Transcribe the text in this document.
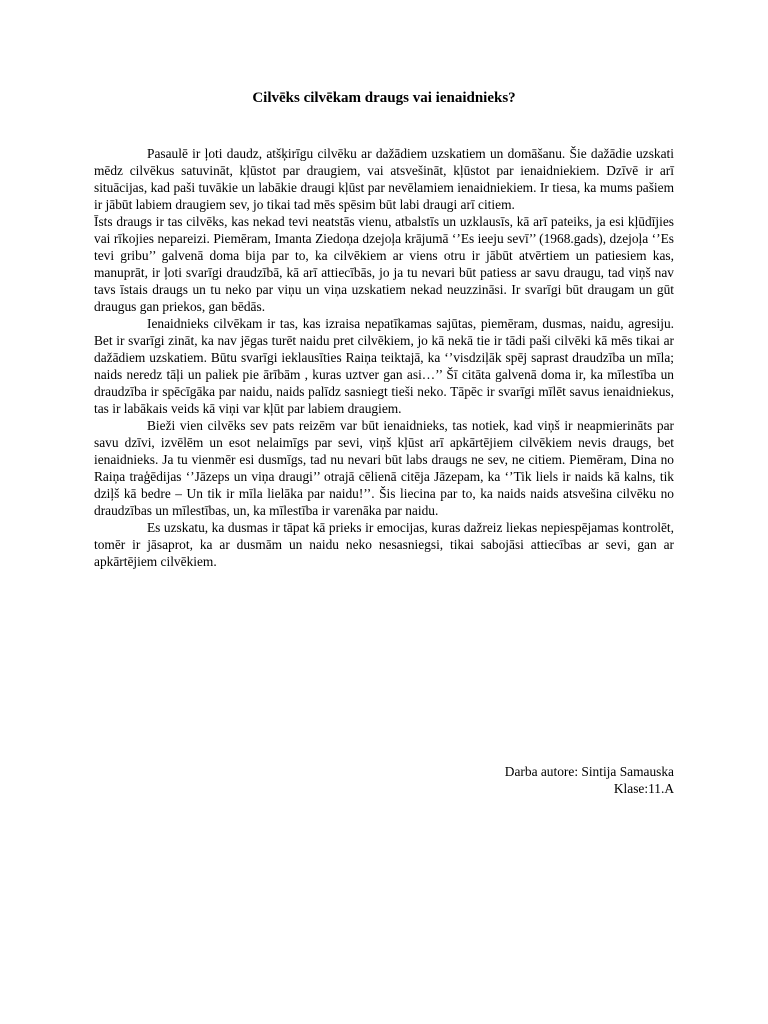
Cilvēks cilvēkam draugs vai ienaidnieks?

Pasaulē ir ļoti daudz, atšķirīgu cilvēku ar dažādiem uzskatiem un domāšanu. Šie dažādie uzskati mēdz cilvēkus satuvināt, kļūstot par draugiem, vai atsvešināt, kļūstot par ienaidniekiem. Dzīvē ir arī situācijas, kad paši tuvākie un labākie draugi kļūst par nevēlamiem ienaidniekiem. Ir tiesa, ka mums pašiem ir jābūt labiem draugiem sev, jo tikai tad mēs spēsim būt labi draugi arī citiem.

Īsts draugs ir tas cilvēks, kas nekad tevi neatstās vienu, atbalstīs un uzklausīs, kā arī pateiks, ja esi kļūdījies vai rīkojies nepareizi. Piemēram, Imanta Ziedoņa dzejoļa krājumā ‘’Es ieeju sevī’’ (1968.gads), dzejoļa ‘’Es tevi gribu’’ galvenā doma bija par to, ka cilvēkiem ar viens otru ir jābūt atvērtiem un patiesiem kas, manuprāt, ir ļoti svarīgi draudzībā, kā arī attiecībās, jo ja tu nevari būt patiess ar savu draugu, tad viņš nav tavs īstais draugs un tu neko par viņu un viņa uzskatiem nekad neuzzināsi. Ir svarīgi būt draugam un gūt draugus gan priekos, gan bēdās.

Ienaidnieks cilvēkam ir tas, kas izraisa nepatīkamas sajūtas, piemēram, dusmas, naidu, agresiju. Bet ir svarīgi zināt, ka nav jēgas turēt naidu pret cilvēkiem, jo kā nekā tie ir tādi paši cilvēki kā mēs tikai ar dažādiem uzskatiem. Būtu svarīgi ieklausīties Raiņa teiktajā, ka ‘’visdziļāk spēj saprast draudzība un mīla; naids neredz tāļi un paliek pie ārībām , kuras uztver gan asi…’’ Šī citāta galvenā doma ir, ka mīlestība un draudzība ir spēcīgāka par naidu, naids palīdz sasniegt tieši neko. Tāpēc ir svarīgi mīlēt savus ienaidniekus, tas ir labākais veids kā viņi var kļūt par labiem draugiem.

Bieži vien cilvēks sev pats reizēm var būt ienaidnieks, tas notiek, kad viņš ir neapmierināts par savu dzīvi, izvēlēm un esot nelaimīgs par sevi, viņš kļūst arī apkārtējiem cilvēkiem nevis draugs, bet ienaidnieks. Ja tu vienmēr esi dusmīgs, tad nu nevari būt labs draugs ne sev, ne citiem. Piemēram, Dina no Raiņa traģēdijas ‘’Jāzeps un viņa draugi’’ otrajā cēlienā citēja Jāzepam, ka ‘’Tik liels ir naids kā kalns, tik dziļš kā bedre – Un tik ir mīla lielāka par naidu!’’. Šis liecina par to, ka naids naids atsvešina cilvēku no draudzības un mīlestības, un, ka mīlestība ir varenāka par naidu.

Es uzskatu, ka dusmas ir tāpat kā prieks ir emocijas, kuras dažreiz liekas nepiespējamas kontrolēt, tomēr ir jāsaprot, ka ar dusmām un naidu neko nesasniegsi, tikai sabojāsi attiecības ar sevi, gan ar apkārtējiem cilvēkiem.

Darba autore: Sintija Samauska
Klase:11.A
